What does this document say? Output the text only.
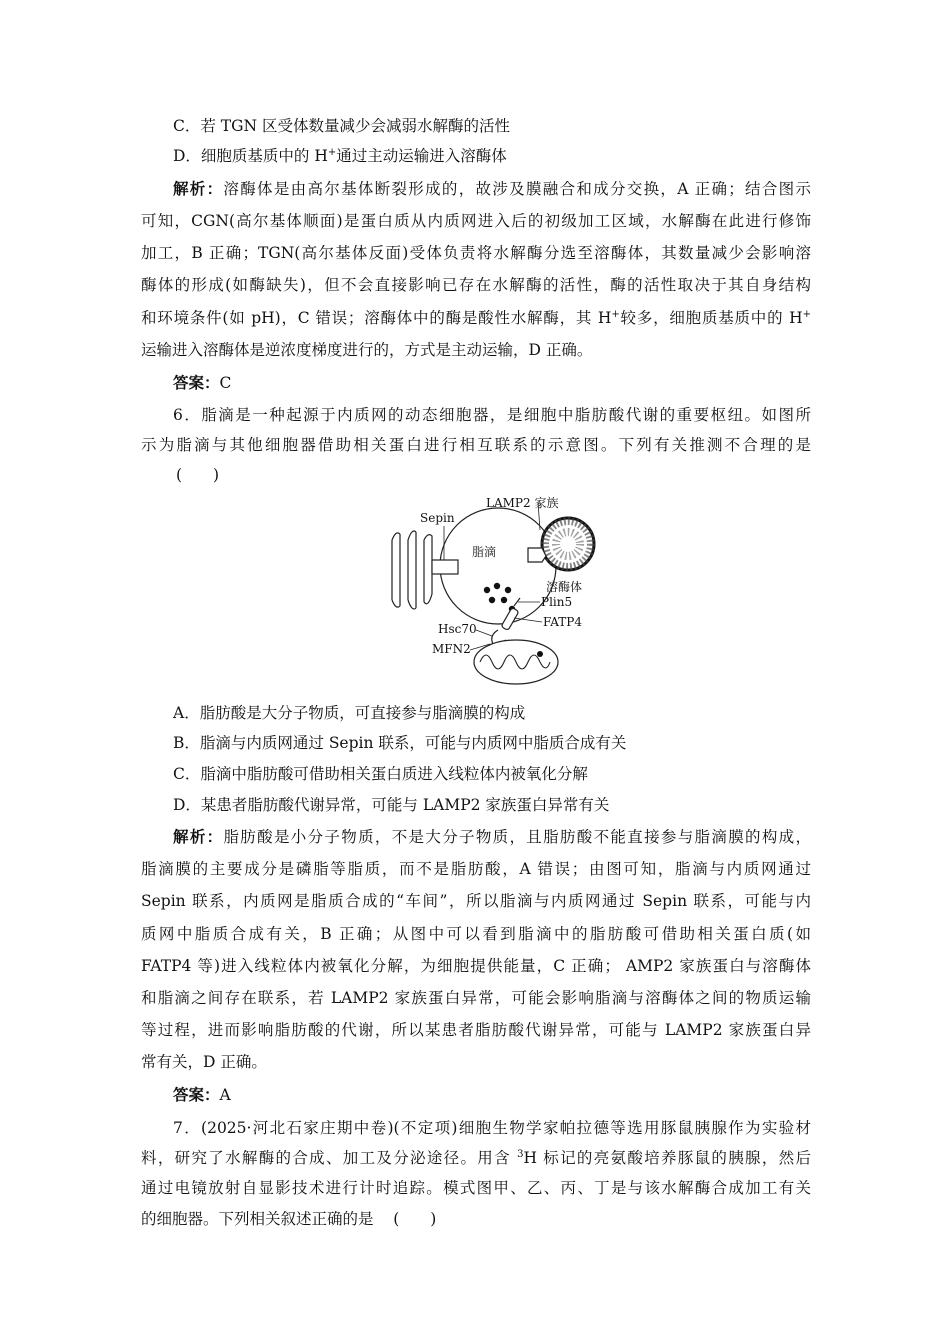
C．若 TGN 区受体数量减少会减弱水解酶的活性
D．细胞质基质中的 H+通过主动运输进入溶酶体
解析：溶酶体是由高尔基体断裂形成的，故涉及膜融合和成分交换，A 正确；结合图示
可知，CGN(高尔基体顺面)是蛋白质从内质网进入后的初级加工区域，水解酶在此进行修饰
加工，B 正确；TGN(高尔基体反面)受体负责将水解酶分选至溶酶体，其数量减少会影响溶
酶体的形成(如酶缺失)，但不会直接影响已存在水解酶的活性，酶的活性取决于其自身结构
和环境条件(如 pH)，C 错误；溶酶体中的酶是酸性水解酶，其 H+较多，细胞质基质中的 H+
运输进入溶酶体是逆浓度梯度进行的，方式是主动运输，D 正确。
答案：C
6．脂滴是一种起源于内质网的动态细胞器，是细胞中脂肪酸代谢的重要枢纽。如图所
示为脂滴与其他细胞器借助相关蛋白进行相互联系的示意图。下列有关推测不合理的是
(　　)
Sepin
LAMP2 家族
脂滴
溶酶体
Plin5
FATP4
Hsc70
MFN2
A．脂肪酸是大分子物质，可直接参与脂滴膜的构成
B．脂滴与内质网通过 Sepin 联系，可能与内质网中脂质合成有关
C．脂滴中脂肪酸可借助相关蛋白质进入线粒体内被氧化分解
D．某患者脂肪酸代谢异常，可能与 LAMP2 家族蛋白异常有关
解析：脂肪酸是小分子物质，不是大分子物质，且脂肪酸不能直接参与脂滴膜的构成，
脂滴膜的主要成分是磷脂等脂质，而不是脂肪酸，A 错误；由图可知，脂滴与内质网通过
Sepin 联系，内质网是脂质合成的“车间”，所以脂滴与内质网通过 Sepin 联系，可能与内
质网中脂质合成有关，B 正确；从图中可以看到脂滴中的脂肪酸可借助相关蛋白质(如
FATP4 等)进入线粒体内被氧化分解，为细胞提供能量，C 正确； AMP2 家族蛋白与溶酶体
和脂滴之间存在联系，若 LAMP2 家族蛋白异常，可能会影响脂滴与溶酶体之间的物质运输
等过程，进而影响脂肪酸的代谢，所以某患者脂肪酸代谢异常，可能与 LAMP2 家族蛋白异
常有关，D 正确。
答案：A
7．(2025·河北石家庄期中卷)(不定项)细胞生物学家帕拉德等选用豚鼠胰腺作为实验材
料，研究了水解酶的合成、加工及分泌途径。用含 $^3$H 标记的亮氨酸培养豚鼠的胰腺，然后
通过电镜放射自显影技术进行计时追踪。模式图甲、乙、丙、丁是与该水解酶合成加工有关
的细胞器。下列相关叙述正确的是 (　　)
